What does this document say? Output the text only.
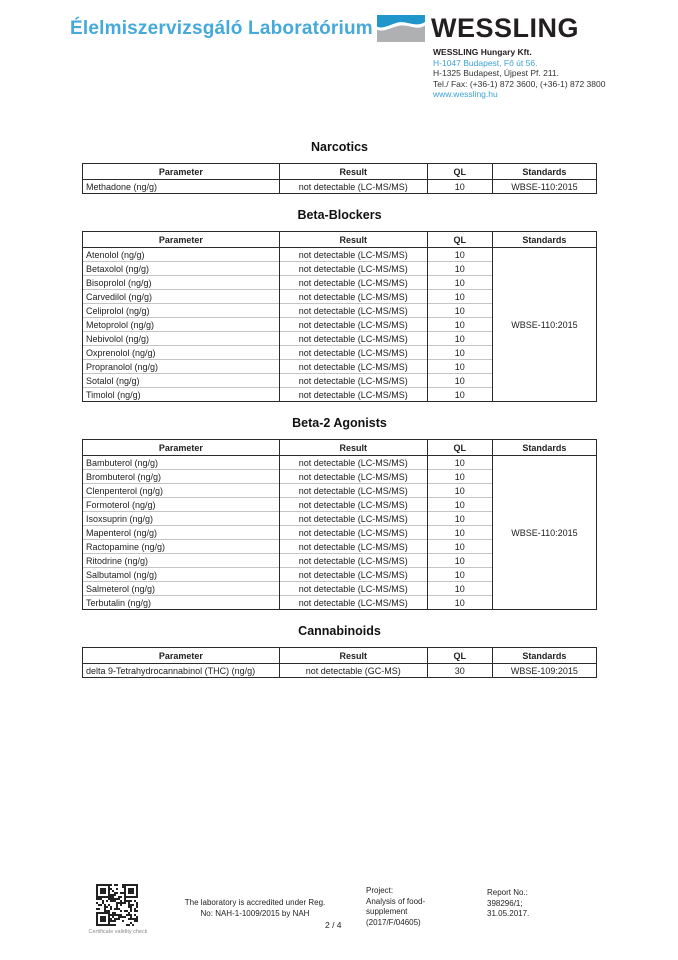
Élelmiszervizsgáló Laboratórium WESSLING
WESSLING Hungary Kft.
H-1047 Budapest, Fő út 56.
H-1325 Budapest, Újpest Pf. 211.
Tel./ Fax: (+36-1) 872 3600, (+36-1) 872 3800
www.wessling.hu
Narcotics
Parameter	Result	QL	Standards
Methadone (ng/g)	not detectable (LC-MS/MS)	10	WBSE-110:2015
Beta-Blockers
Parameter	Result	QL	Standards
Atenolol (ng/g)	not detectable (LC-MS/MS)	10	WBSE-110:2015
Betaxolol (ng/g)	not detectable (LC-MS/MS)	10	
Bisoprolol (ng/g)	not detectable (LC-MS/MS)	10	
Carvedilol (ng/g)	not detectable (LC-MS/MS)	10	
Celiprolol (ng/g)	not detectable (LC-MS/MS)	10	
Metoprolol (ng/g)	not detectable (LC-MS/MS)	10	
Nebivolol (ng/g)	not detectable (LC-MS/MS)	10	
Oxprenolol (ng/g)	not detectable (LC-MS/MS)	10	
Propranolol (ng/g)	not detectable (LC-MS/MS)	10	
Sotalol (ng/g)	not detectable (LC-MS/MS)	10	
Timolol (ng/g)	not detectable (LC-MS/MS)	10	
Beta-2 Agonists
Parameter	Result	QL	Standards
Bambuterol (ng/g)	not detectable (LC-MS/MS)	10	WBSE-110:2015
Brombuterol (ng/g)	not detectable (LC-MS/MS)	10	
Clenpenterol (ng/g)	not detectable (LC-MS/MS)	10	
Formoterol (ng/g)	not detectable (LC-MS/MS)	10	
Isoxsuprin (ng/g)	not detectable (LC-MS/MS)	10	
Mapenterol (ng/g)	not detectable (LC-MS/MS)	10	
Ractopamine (ng/g)	not detectable (LC-MS/MS)	10	
Ritodrine (ng/g)	not detectable (LC-MS/MS)	10	
Salbutamol (ng/g)	not detectable (LC-MS/MS)	10	
Salmeterol (ng/g)	not detectable (LC-MS/MS)	10	
Terbutalin (ng/g)	not detectable (LC-MS/MS)	10	
Cannabinoids
Parameter	Result	QL	Standards
delta 9-Tetrahydrocannabinol (THC) (ng/g)	not detectable (GC-MS)	30	WBSE-109:2015
Certificate validity check
The laboratory is accredited under Reg.
No: NAH-1-1009/2015 by NAH
2 / 4
Project:
Analysis of food-
supplement
(2017/F/04605)
Report No.:
398296/1;
31.05.2017.
